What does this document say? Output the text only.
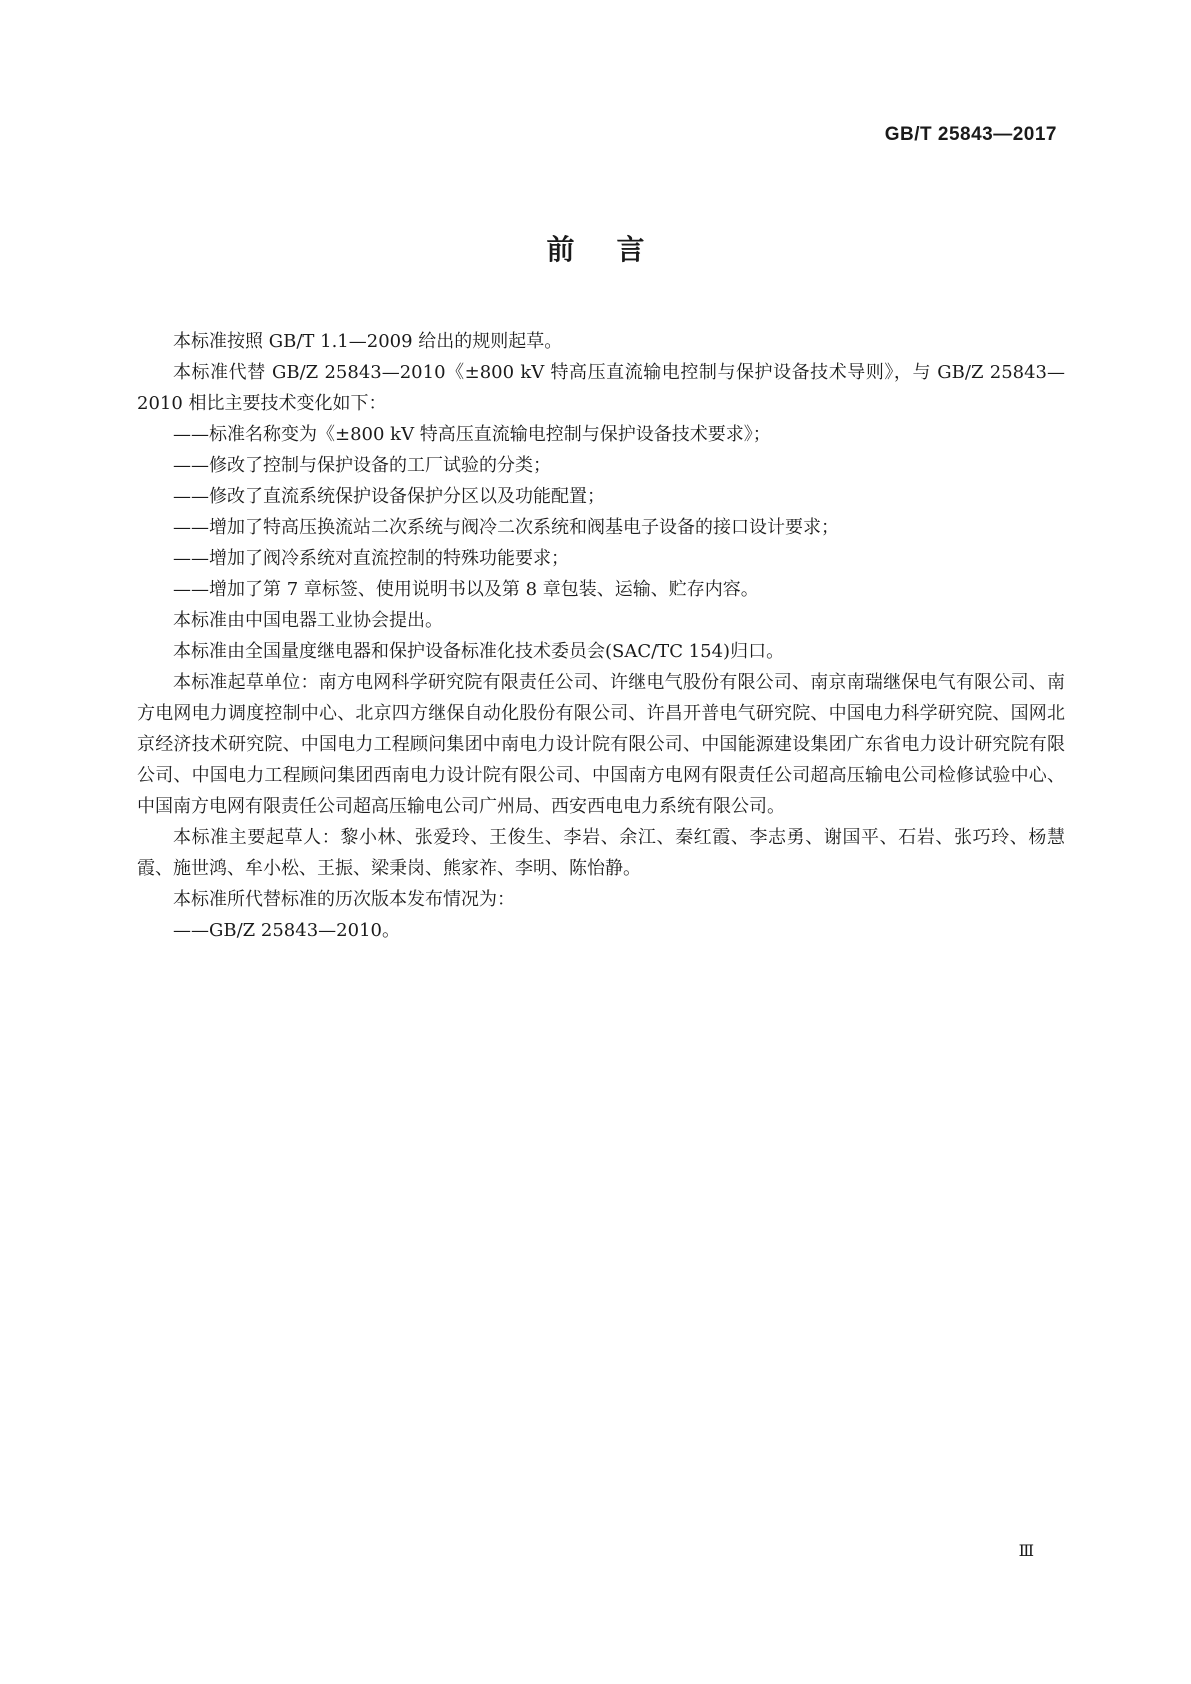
GB/T 25843—2017
前言

本标准按照 GB/T 1.1—2009 给出的规则起草。

本标准代替 GB/Z 25843—2010《±800 kV 特高压直流输电控制与保护设备技术导则》，与 GB/Z 25843—2010 相比主要技术变化如下：

——标准名称变为《±800 kV 特高压直流输电控制与保护设备技术要求》；

——修改了控制与保护设备的工厂试验的分类；

——修改了直流系统保护设备保护分区以及功能配置；

——增加了特高压换流站二次系统与阀冷二次系统和阀基电子设备的接口设计要求；

——增加了阀冷系统对直流控制的特殊功能要求；

——增加了第 7 章标签、使用说明书以及第 8 章包装、运输、贮存内容。

本标准由中国电器工业协会提出。

本标准由全国量度继电器和保护设备标准化技术委员会(SAC/TC 154)归口。

本标准起草单位：南方电网科学研究院有限责任公司、许继电气股份有限公司、南京南瑞继保电气有限公司、南方电网电力调度控制中心、北京四方继保自动化股份有限公司、许昌开普电气研究院、中国电力科学研究院、国网北京经济技术研究院、中国电力工程顾问集团中南电力设计院有限公司、中国能源建设集团广东省电力设计研究院有限公司、中国电力工程顾问集团西南电力设计院有限公司、中国南方电网有限责任公司超高压输电公司检修试验中心、中国南方电网有限责任公司超高压输电公司广州局、西安西电电力系统有限公司。

本标准主要起草人：黎小林、张爱玲、王俊生、李岩、余江、秦红霞、李志勇、谢国平、石岩、张巧玲、杨慧霞、施世鸿、牟小松、王振、梁秉岗、熊家祚、李明、陈怡静。

本标准所代替标准的历次版本发布情况为：

——GB/Z 25843—2010。

Ⅲ
